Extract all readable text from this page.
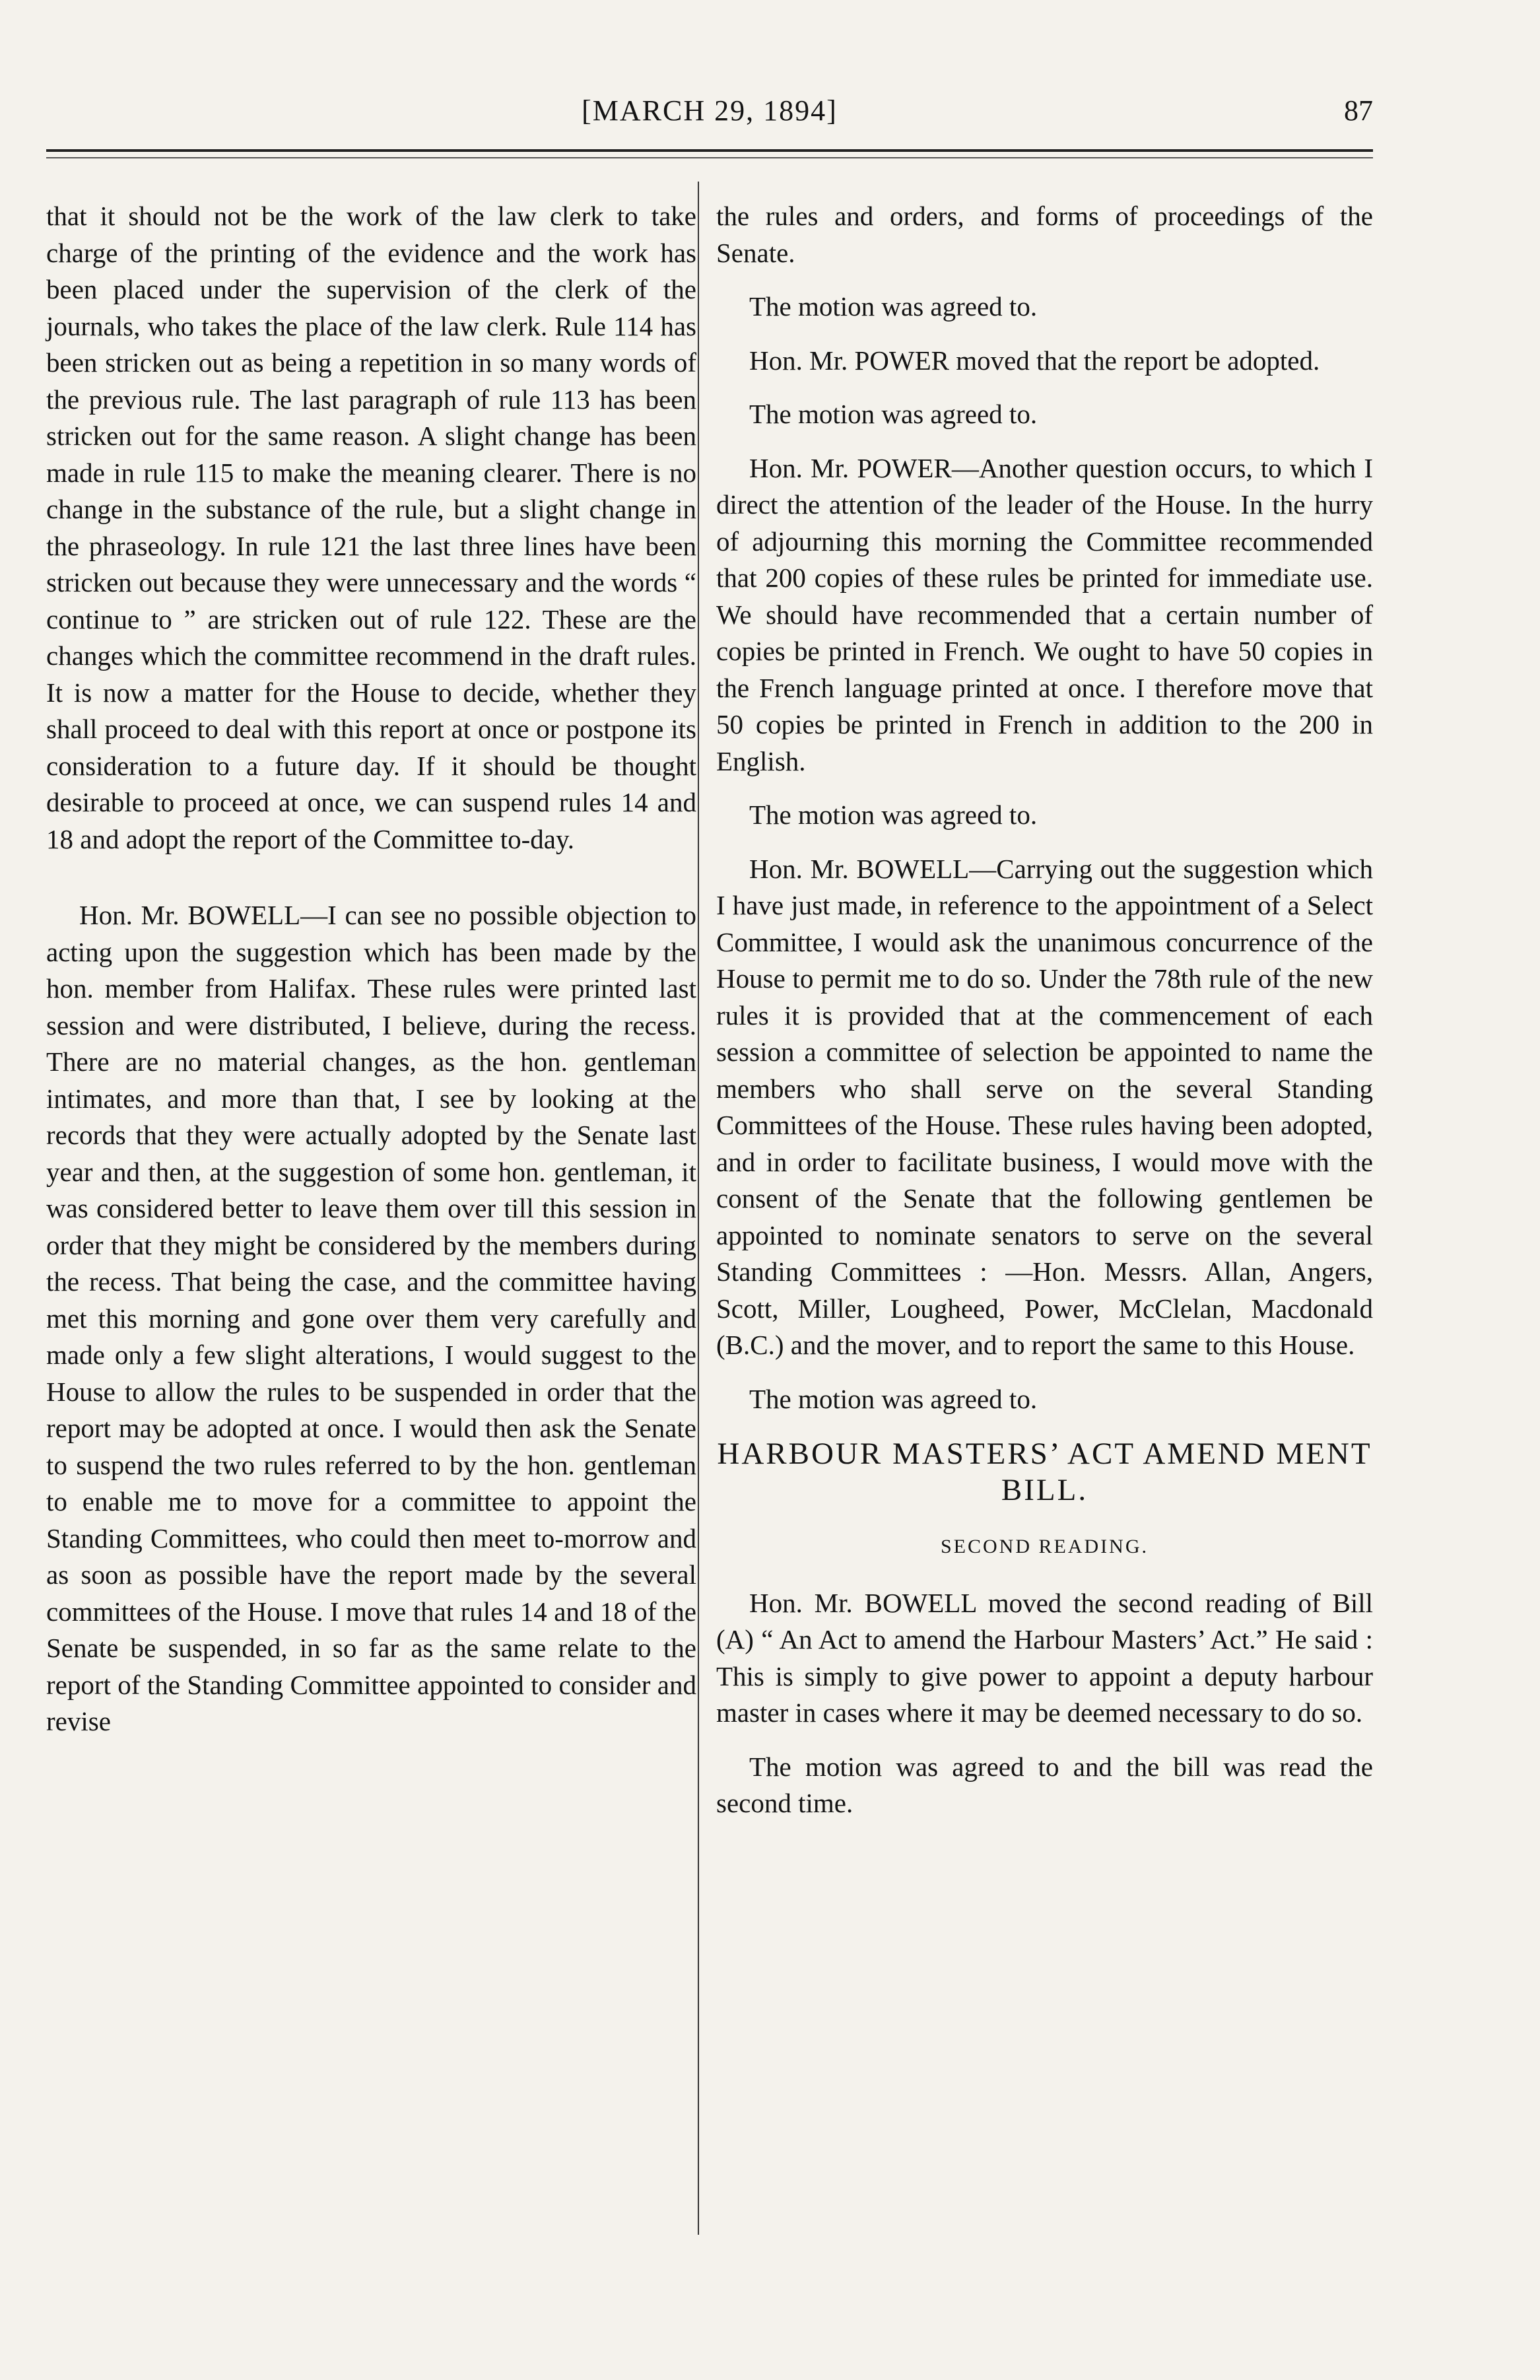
[MARCH 29, 1894]	87

that it should not be the work of the law clerk to take charge of the printing of the evidence and the work has been placed under the supervision of the clerk of the journals, who takes the place of the law clerk. Rule 114 has been stricken out as being a repetition in so many words of the previous rule. The last paragraph of rule 113 has been stricken out for the same reason. A slight change has been made in rule 115 to make the meaning clearer. There is no change in the substance of the rule, but a slight change in the phraseology. In rule 121 the last three lines have been stricken out because they were unnecessary and the words “ continue to ” are stricken out of rule 122. These are the changes which the committee recommend in the draft rules. It is now a matter for the House to decide, whether they shall proceed to deal with this report at once or postpone its consideration to a future day. If it should be thought desirable to proceed at once, we can suspend rules 14 and 18 and adopt the report of the Committee to-day.

Hon. Mr. BOWELL—I can see no possible objection to acting upon the suggestion which has been made by the hon. member from Halifax. These rules were printed last session and were distributed, I believe, during the recess. There are no material changes, as the hon. gentleman intimates, and more than that, I see by looking at the records that they were actually adopted by the Senate last year and then, at the suggestion of some hon. gentleman, it was considered better to leave them over till this session in order that they might be considered by the members during the recess. That being the case, and the committee having met this morning and gone over them very carefully and made only a few slight alterations, I would suggest to the House to allow the rules to be suspended in order that the report may be adopted at once. I would then ask the Senate to suspend the two rules referred to by the hon. gentleman to enable me to move for a committee to appoint the Standing Committees, who could then meet to-morrow and as soon as possible have the report made by the several committees of the House. I move that rules 14 and 18 of the Senate be suspended, in so far as the same relate to the report of the Standing Committee appointed to consider and revise

the rules and orders, and forms of proceedings of the Senate.

The motion was agreed to.

Hon. Mr. POWER moved that the report be adopted.

The motion was agreed to.

Hon. Mr. POWER—Another question occurs, to which I direct the attention of the leader of the House. In the hurry of adjourning this morning the Committee recommended that 200 copies of these rules be printed for immediate use. We should have recommended that a certain number of copies be printed in French. We ought to have 50 copies in the French language printed at once. I therefore move that 50 copies be printed in French in addition to the 200 in English.

The motion was agreed to.

Hon. Mr. BOWELL—Carrying out the suggestion which I have just made, in reference to the appointment of a Select Committee, I would ask the unanimous concurrence of the House to permit me to do so. Under the 78th rule of the new rules it is provided that at the commencement of each session a committee of selection be appointed to name the members who shall serve on the several Standing Committees of the House. These rules having been adopted, and in order to facilitate business, I would move with the consent of the Senate that the following gentlemen be appointed to nominate senators to serve on the several Standing Committees : —Hon. Messrs. Allan, Angers, Scott, Miller, Lougheed, Power, McClelan, Macdonald (B.C.) and the mover, and to report the same to this House.

The motion was agreed to.

HARBOUR MASTERS’ ACT AMEND MENT BILL.
SECOND READING.

Hon. Mr. BOWELL moved the second reading of Bill (A) “ An Act to amend the Harbour Masters’ Act.” He said : This is simply to give power to appoint a deputy harbour master in cases where it may be deemed necessary to do so.

The motion was agreed to and the bill was read the second time.
